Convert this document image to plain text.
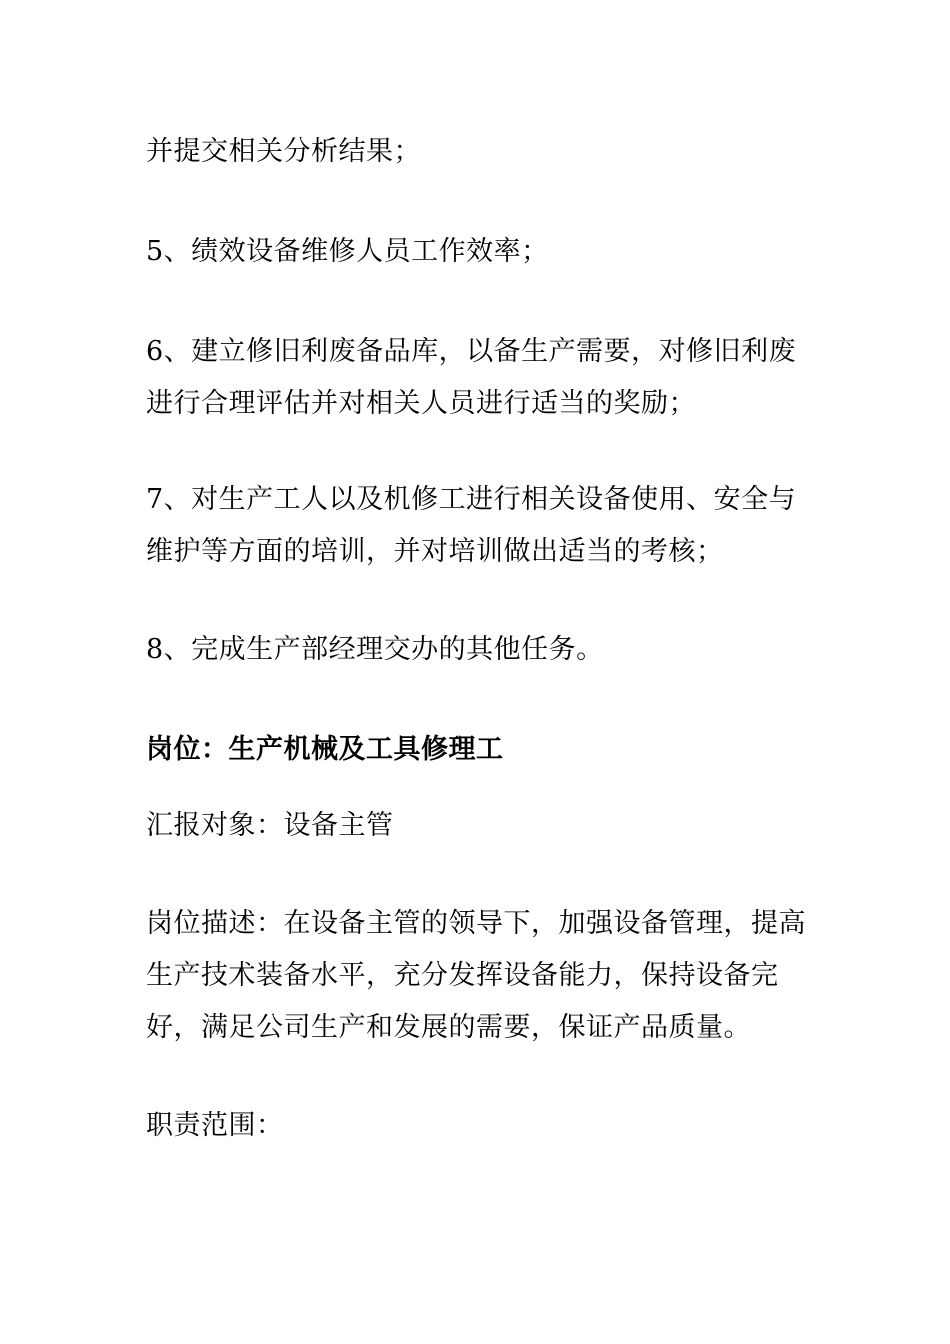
并提交相关分析结果；

5、绩效设备维修人员工作效率；

6、建立修旧利废备品库，以备生产需要，对修旧利废进行合理评估并对相关人员进行适当的奖励；

7、对生产工人以及机修工进行相关设备使用、安全与维护等方面的培训，并对培训做出适当的考核；

8、完成生产部经理交办的其他任务。

岗位：生产机械及工具修理工

汇报对象：设备主管

岗位描述：在设备主管的领导下，加强设备管理，提高生产技术装备水平，充分发挥设备能力，保持设备完好，满足公司生产和发展的需要，保证产品质量。

职责范围：
